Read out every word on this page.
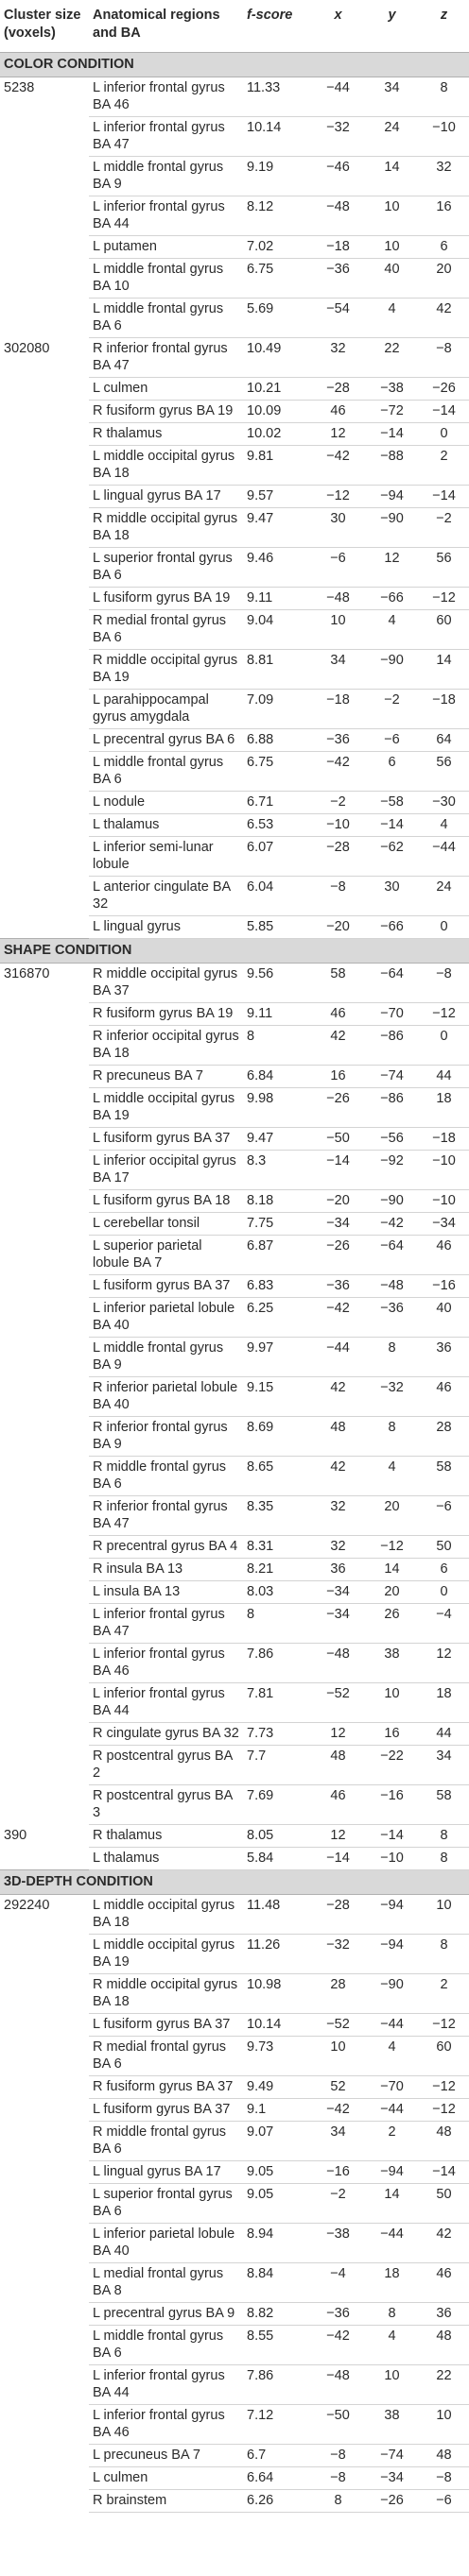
Cluster size (voxels)	Anatomical regions and BA	f-score	x	y	z
COLOR CONDITION					
5238	L inferior frontal gyrus BA 46	11.33	−44	34	8
	L inferior frontal gyrus BA 47	10.14	−32	24	−10
	L middle frontal gyrus BA 9	9.19	−46	14	32
	L inferior frontal gyrus BA 44	8.12	−48	10	16
	L putamen	7.02	−18	10	6
	L middle frontal gyrus BA 10	6.75	−36	40	20
	L middle frontal gyrus BA 6	5.69	−54	4	42
302080	R inferior frontal gyrus BA 47	10.49	32	22	−8
	L culmen	10.21	−28	−38	−26
	R fusiform gyrus BA 19	10.09	46	−72	−14
	R thalamus	10.02	12	−14	0
	L middle occipital gyrus BA 18	9.81	−42	−88	2
	L lingual gyrus BA 17	9.57	−12	−94	−14
	R middle occipital gyrus BA 18	9.47	30	−90	−2
	L superior frontal gyrus BA 6	9.46	−6	12	56
	L fusiform gyrus BA 19	9.11	−48	−66	−12
	R medial frontal gyrus BA 6	9.04	10	4	60
	R middle occipital gyrus BA 19	8.81	34	−90	14
	L parahippocampal gyrus amygdala	7.09	−18	−2	−18
	L precentral gyrus BA 6	6.88	−36	−6	64
	L middle frontal gyrus BA 6	6.75	−42	6	56
	L nodule	6.71	−2	−58	−30
	L thalamus	6.53	−10	−14	4
	L inferior semi-lunar lobule	6.07	−28	−62	−44
	L anterior cingulate BA 32	6.04	−8	30	24
	L lingual gyrus	5.85	−20	−66	0
SHAPE CONDITION					
316870	R middle occipital gyrus BA 37	9.56	58	−64	−8
	R fusiform gyrus BA 19	9.11	46	−70	−12
	R inferior occipital gyrus BA 18	8	42	−86	0
	R precuneus BA 7	6.84	16	−74	44
	L middle occipital gyrus BA 19	9.98	−26	−86	18
	L fusiform gyrus BA 37	9.47	−50	−56	−18
	L inferior occipital gyrus BA 17	8.3	−14	−92	−10
	L fusiform gyrus BA 18	8.18	−20	−90	−10
	L cerebellar tonsil	7.75	−34	−42	−34
	L superior parietal lobule BA 7	6.87	−26	−64	46
	L fusiform gyrus BA 37	6.83	−36	−48	−16
	L inferior parietal lobule BA 40	6.25	−42	−36	40
	L middle frontal gyrus BA 9	9.97	−44	8	36
	R inferior parietal lobule BA 40	9.15	42	−32	46
	R inferior frontal gyrus BA 9	8.69	48	8	28
	R middle frontal gyrus BA 6	8.65	42	4	58
	R inferior frontal gyrus BA 47	8.35	32	20	−6
	R precentral gyrus BA 4	8.31	32	−12	50
	R insula BA 13	8.21	36	14	6
	L insula BA 13	8.03	−34	20	0
	L inferior frontal gyrus BA 47	8	−34	26	−4
	L inferior frontal gyrus BA 46	7.86	−48	38	12
	L inferior frontal gyrus BA 44	7.81	−52	10	18
	R cingulate gyrus BA 32	7.73	12	16	44
	R postcentral gyrus BA 2	7.7	48	−22	34
	R postcentral gyrus BA 3	7.69	46	−16	58
390	R thalamus	8.05	12	−14	8
	L thalamus	5.84	−14	−10	8
3D-DEPTH CONDITION					
292240	L middle occipital gyrus BA 18	11.48	−28	−94	10
	L middle occipital gyrus BA 19	11.26	−32	−94	8
	R middle occipital gyrus BA 18	10.98	28	−90	2
	L fusiform gyrus BA 37	10.14	−52	−44	−12
	R medial frontal gyrus BA 6	9.73	10	4	60
	R fusiform gyrus BA 37	9.49	52	−70	−12
	L fusiform gyrus BA 37	9.1	−42	−44	−12
	R middle frontal gyrus BA 6	9.07	34	2	48
	L lingual gyrus BA 17	9.05	−16	−94	−14
	L superior frontal gyrus BA 6	9.05	−2	14	50
	L inferior parietal lobule BA 40	8.94	−38	−44	42
	L medial frontal gyrus BA 8	8.84	−4	18	46
	L precentral gyrus BA 9	8.82	−36	8	36
	L middle frontal gyrus BA 6	8.55	−42	4	48
	L inferior frontal gyrus BA 44	7.86	−48	10	22
	L inferior frontal gyrus BA 46	7.12	−50	38	10
	L precuneus BA 7	6.7	−8	−74	48
	L culmen	6.64	−8	−34	−8
	R brainstem	6.26	8	−26	−6
